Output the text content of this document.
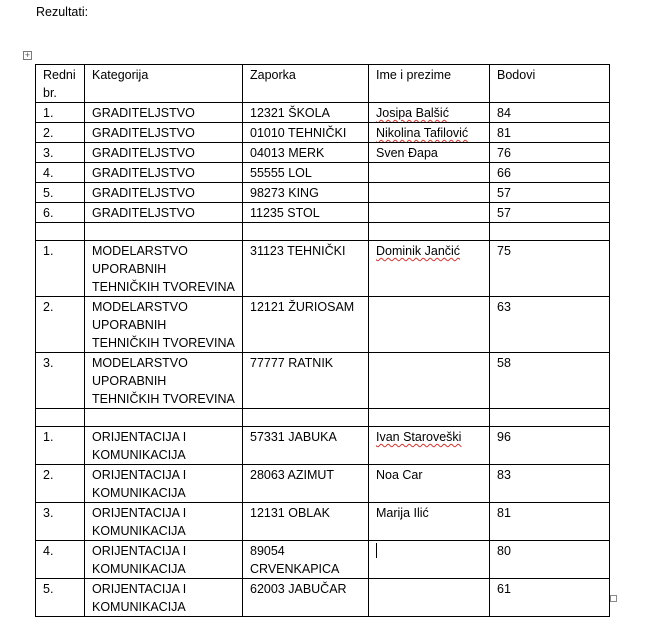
Rezultati:
+
Redni br.	Kategorija	Zaporka	Ime i prezime	Bodovi
1.	GRADITELJSTVO	12321 ŠKOLA	Josipa Balšić	84
2.	GRADITELJSTVO	01010 TEHNIČKI	Nikolina Tafilović	81
3.	GRADITELJSTVO	04013 MERK	Sven Đapa	76
4.	GRADITELJSTVO	55555 LOL		66
5.	GRADITELJSTVO	98273 KING		57
6.	GRADITELJSTVO	11235 STOL		57

1.	MODELARSTVO UPORABNIH TEHNIČKIH TVOREVINA	31123 TEHNIČKI	Dominik Jančić	75
2.	MODELARSTVO UPORABNIH TEHNIČKIH TVOREVINA	12121 ŽURIOSAM		63
3.	MODELARSTVO UPORABNIH TEHNIČKIH TVOREVINA	77777 RATNIK		58

1.	ORIJENTACIJA I KOMUNIKACIJA	57331 JABUKA	Ivan Staroveški	96
2.	ORIJENTACIJA I KOMUNIKACIJA	28063 AZIMUT	Noa Car	83
3.	ORIJENTACIJA I KOMUNIKACIJA	12131 OBLAK	Marija Ilić	81
4.	ORIJENTACIJA I KOMUNIKACIJA	89054 CRVENKAPICA		80
5.	ORIJENTACIJA I KOMUNIKACIJA	62003 JABUČAR		61
